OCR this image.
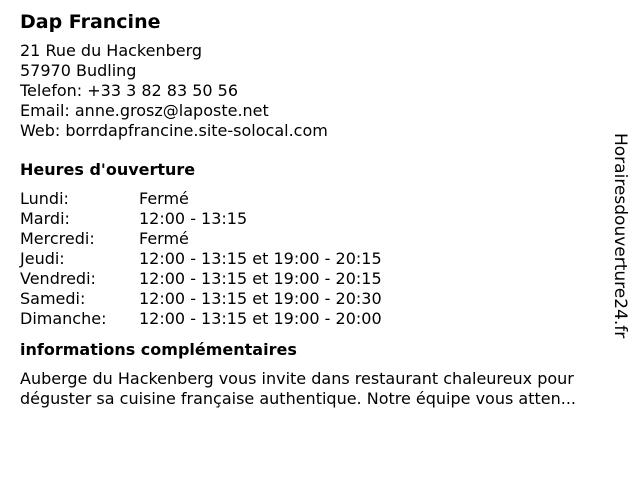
Dap Francine
21 Rue du Hackenberg
57970 Budling
Telefon: +33 3 82 83 50 56
Email: anne.grosz@laposte.net
Web: borrdapfrancine.site-solocal.com
Heures d'ouverture
Lundi:	Fermé
Mardi:	12:00 - 13:15
Mercredi:	Fermé
Jeudi:	12:00 - 13:15 et 19:00 - 20:15
Vendredi:	12:00 - 13:15 et 19:00 - 20:15
Samedi:	12:00 - 13:15 et 19:00 - 20:30
Dimanche:	12:00 - 13:15 et 19:00 - 20:00
informations complémentaires
Auberge du Hackenberg vous invite dans restaurant chaleureux pour déguster sa cuisine française authentique. Notre équipe vous atten...
Horairesdouverture24.fr
